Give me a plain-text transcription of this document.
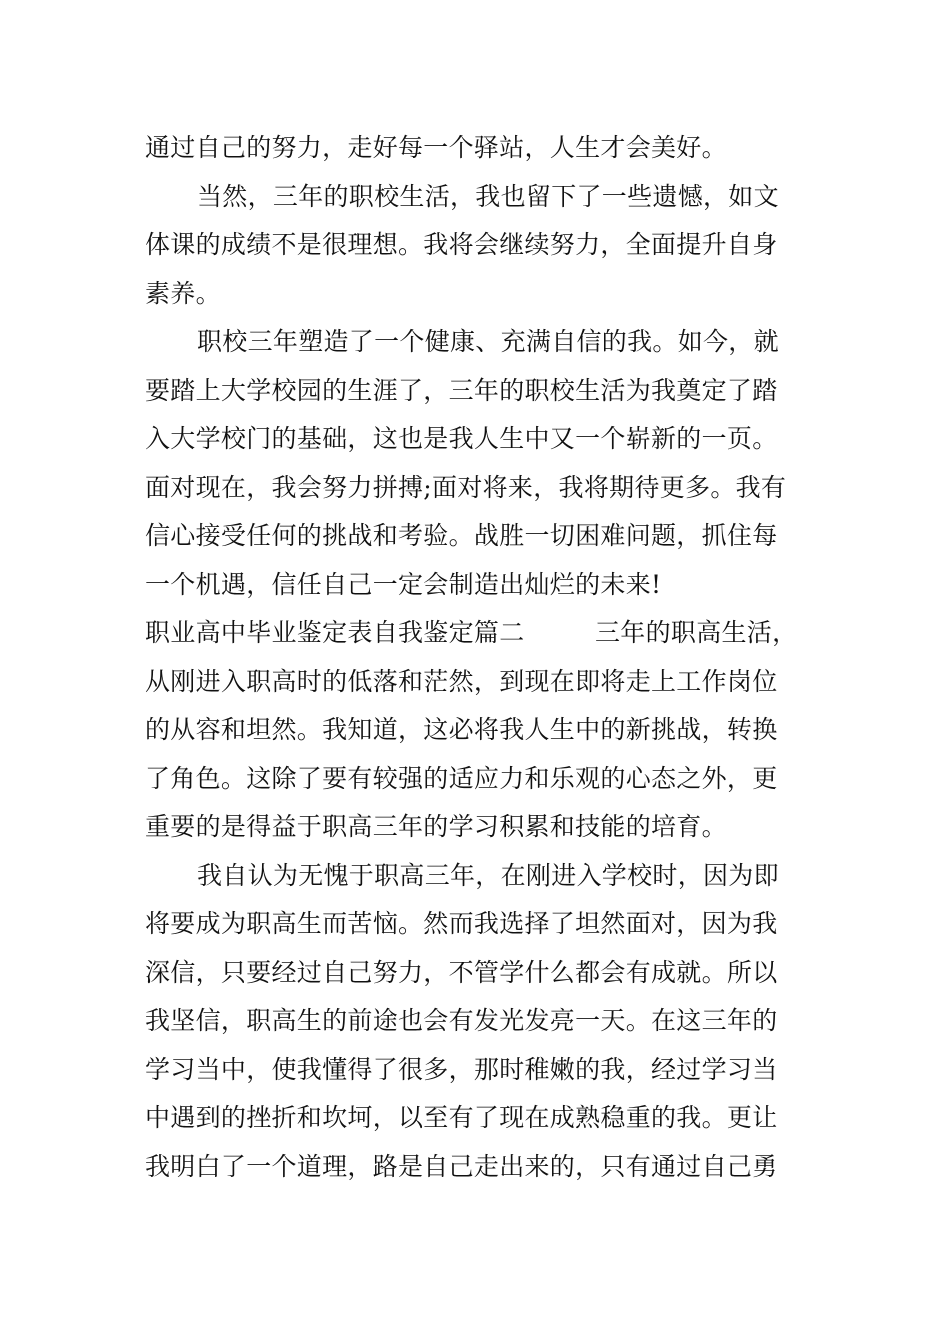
通过自己的努力，走好每一个驿站，人生才会美好。
当然，三年的职校生活，我也留下了一些遗憾，如文
体课的成绩不是很理想。我将会继续努力，全面提升自身
素养。
职校三年塑造了一个健康、充满自信的我。如今，就
要踏上大学校园的生涯了，三年的职校生活为我奠定了踏
入大学校门的基础，这也是我人生中又一个崭新的一页。
面对现在，我会努力拼搏;面对将来，我将期待更多。我有
信心接受任何的挑战和考验。战胜一切困难问题，抓住每
一个机遇，信任自己一定会制造出灿烂的未来!
职业高中毕业鉴定表自我鉴定篇二	三年的职高生活，
从刚进入职高时的低落和茫然，到现在即将走上工作岗位
的从容和坦然。我知道，这必将我人生中的新挑战，转换
了角色。这除了要有较强的适应力和乐观的心态之外，更
重要的是得益于职高三年的学习积累和技能的培育。
我自认为无愧于职高三年，在刚进入学校时，因为即
将要成为职高生而苦恼。然而我选择了坦然面对，因为我
深信，只要经过自己努力，不管学什么都会有成就。所以
我坚信，职高生的前途也会有发光发亮一天。在这三年的
学习当中，使我懂得了很多，那时稚嫩的我，经过学习当
中遇到的挫折和坎坷，以至有了现在成熟稳重的我。更让
我明白了一个道理，路是自己走出来的，只有通过自己勇
